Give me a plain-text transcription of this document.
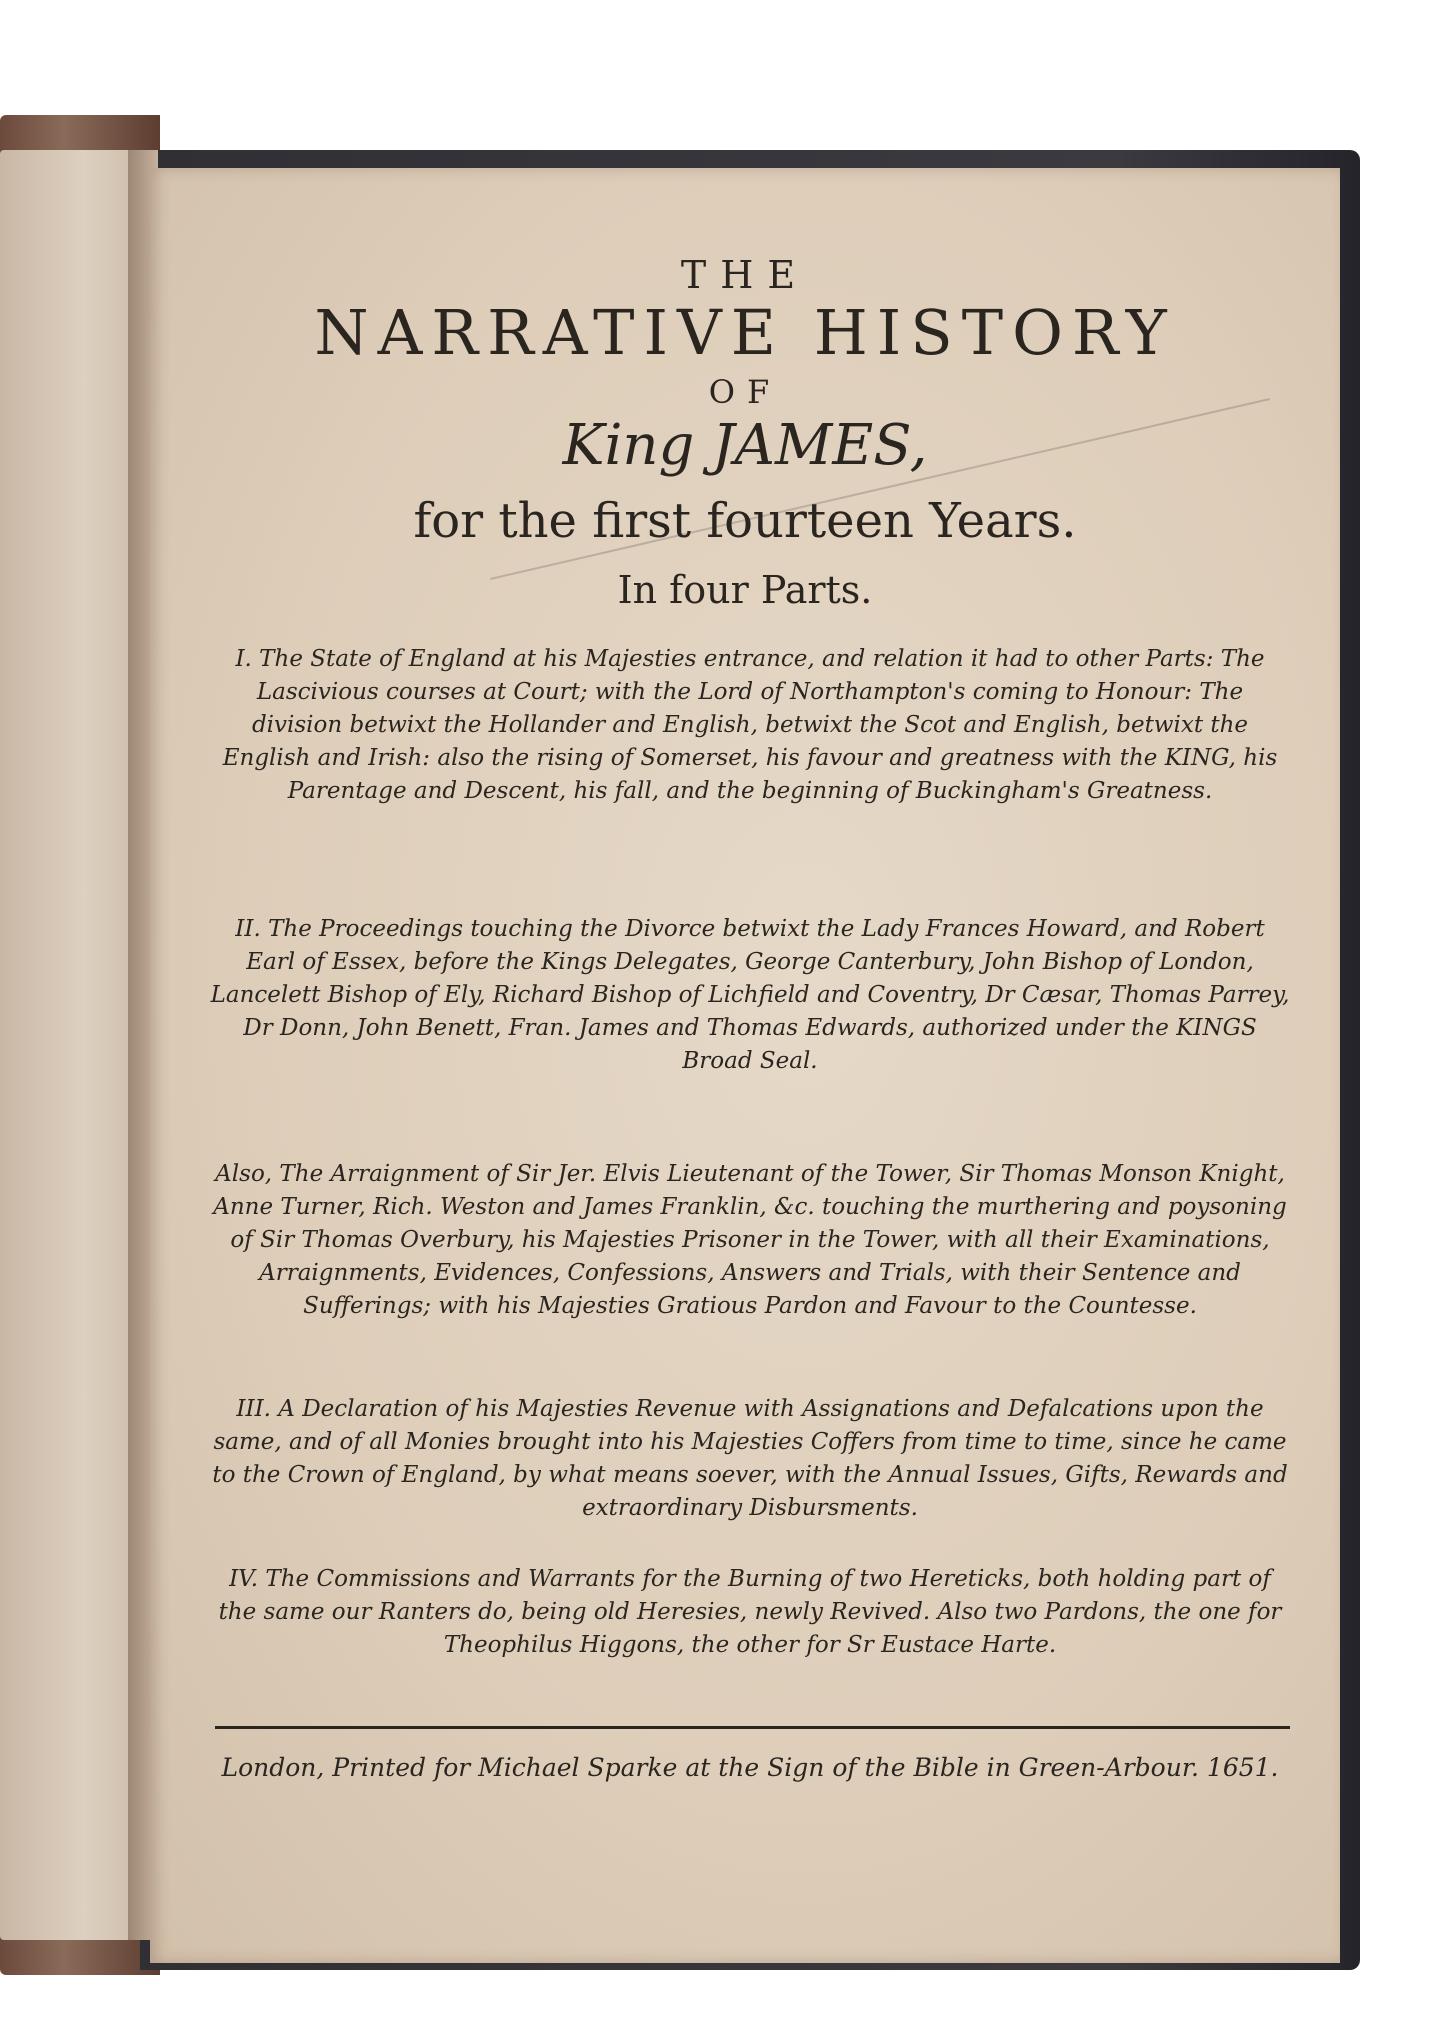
THE
NARRATIVE HISTORY
OF
King JAMES,
for the first fourteen Years.
In four Parts.
I. The State of England at his Majesties entrance, and relation it had to other Parts: The Lascivious courses at Court; with the Lord of Northampton's coming to Honour: The division betwixt the Hollander and English, betwixt the Scot and English, betwixt the English and Irish: also the rising of Somerset, his favour and greatness with the KING, his Parentage and Descent, his fall, and the beginning of Buckingham's Greatness.
II. The Proceedings touching the Divorce betwixt the Lady Frances Howard, and Robert Earl of Essex, before the Kings Delegates, George Canterbury, John Bishop of London, Lancelett Bishop of Ely, Richard Bishop of Lichfield and Coventry, Dr Cæsar, Thomas Parrey, Dr Donn, John Benett, Fran. James and Thomas Edwards, authorized under the KINGS Broad Seal.
Also, The Arraignment of Sir Jer. Elvis Lieutenant of the Tower, Sir Thomas Monson Knight, Anne Turner, Rich. Weston and James Franklin, &c. touching the murthering and poysoning of Sir Thomas Overbury, his Majesties Prisoner in the Tower, with all their Examinations, Arraignments, Evidences, Confessions, Answers and Trials, with their Sentence and Sufferings; with his Majesties Gratious Pardon and Favour to the Countesse.
III. A Declaration of his Majesties Revenue with Assignations and Defalcations upon the same, and of all Monies brought into his Majesties Coffers from time to time, since he came to the Crown of England, by what means soever, with the Annual Issues, Gifts, Rewards and extraordinary Disbursments.
IV. The Commissions and Warrants for the Burning of two Hereticks, both holding part of the same our Ranters do, being old Heresies, newly Revived. Also two Pardons, the one for Theophilus Higgons, the other for Sr Eustace Harte.
London, Printed for Michael Sparke at the Sign of the Bible in Green-Arbour. 1651.
